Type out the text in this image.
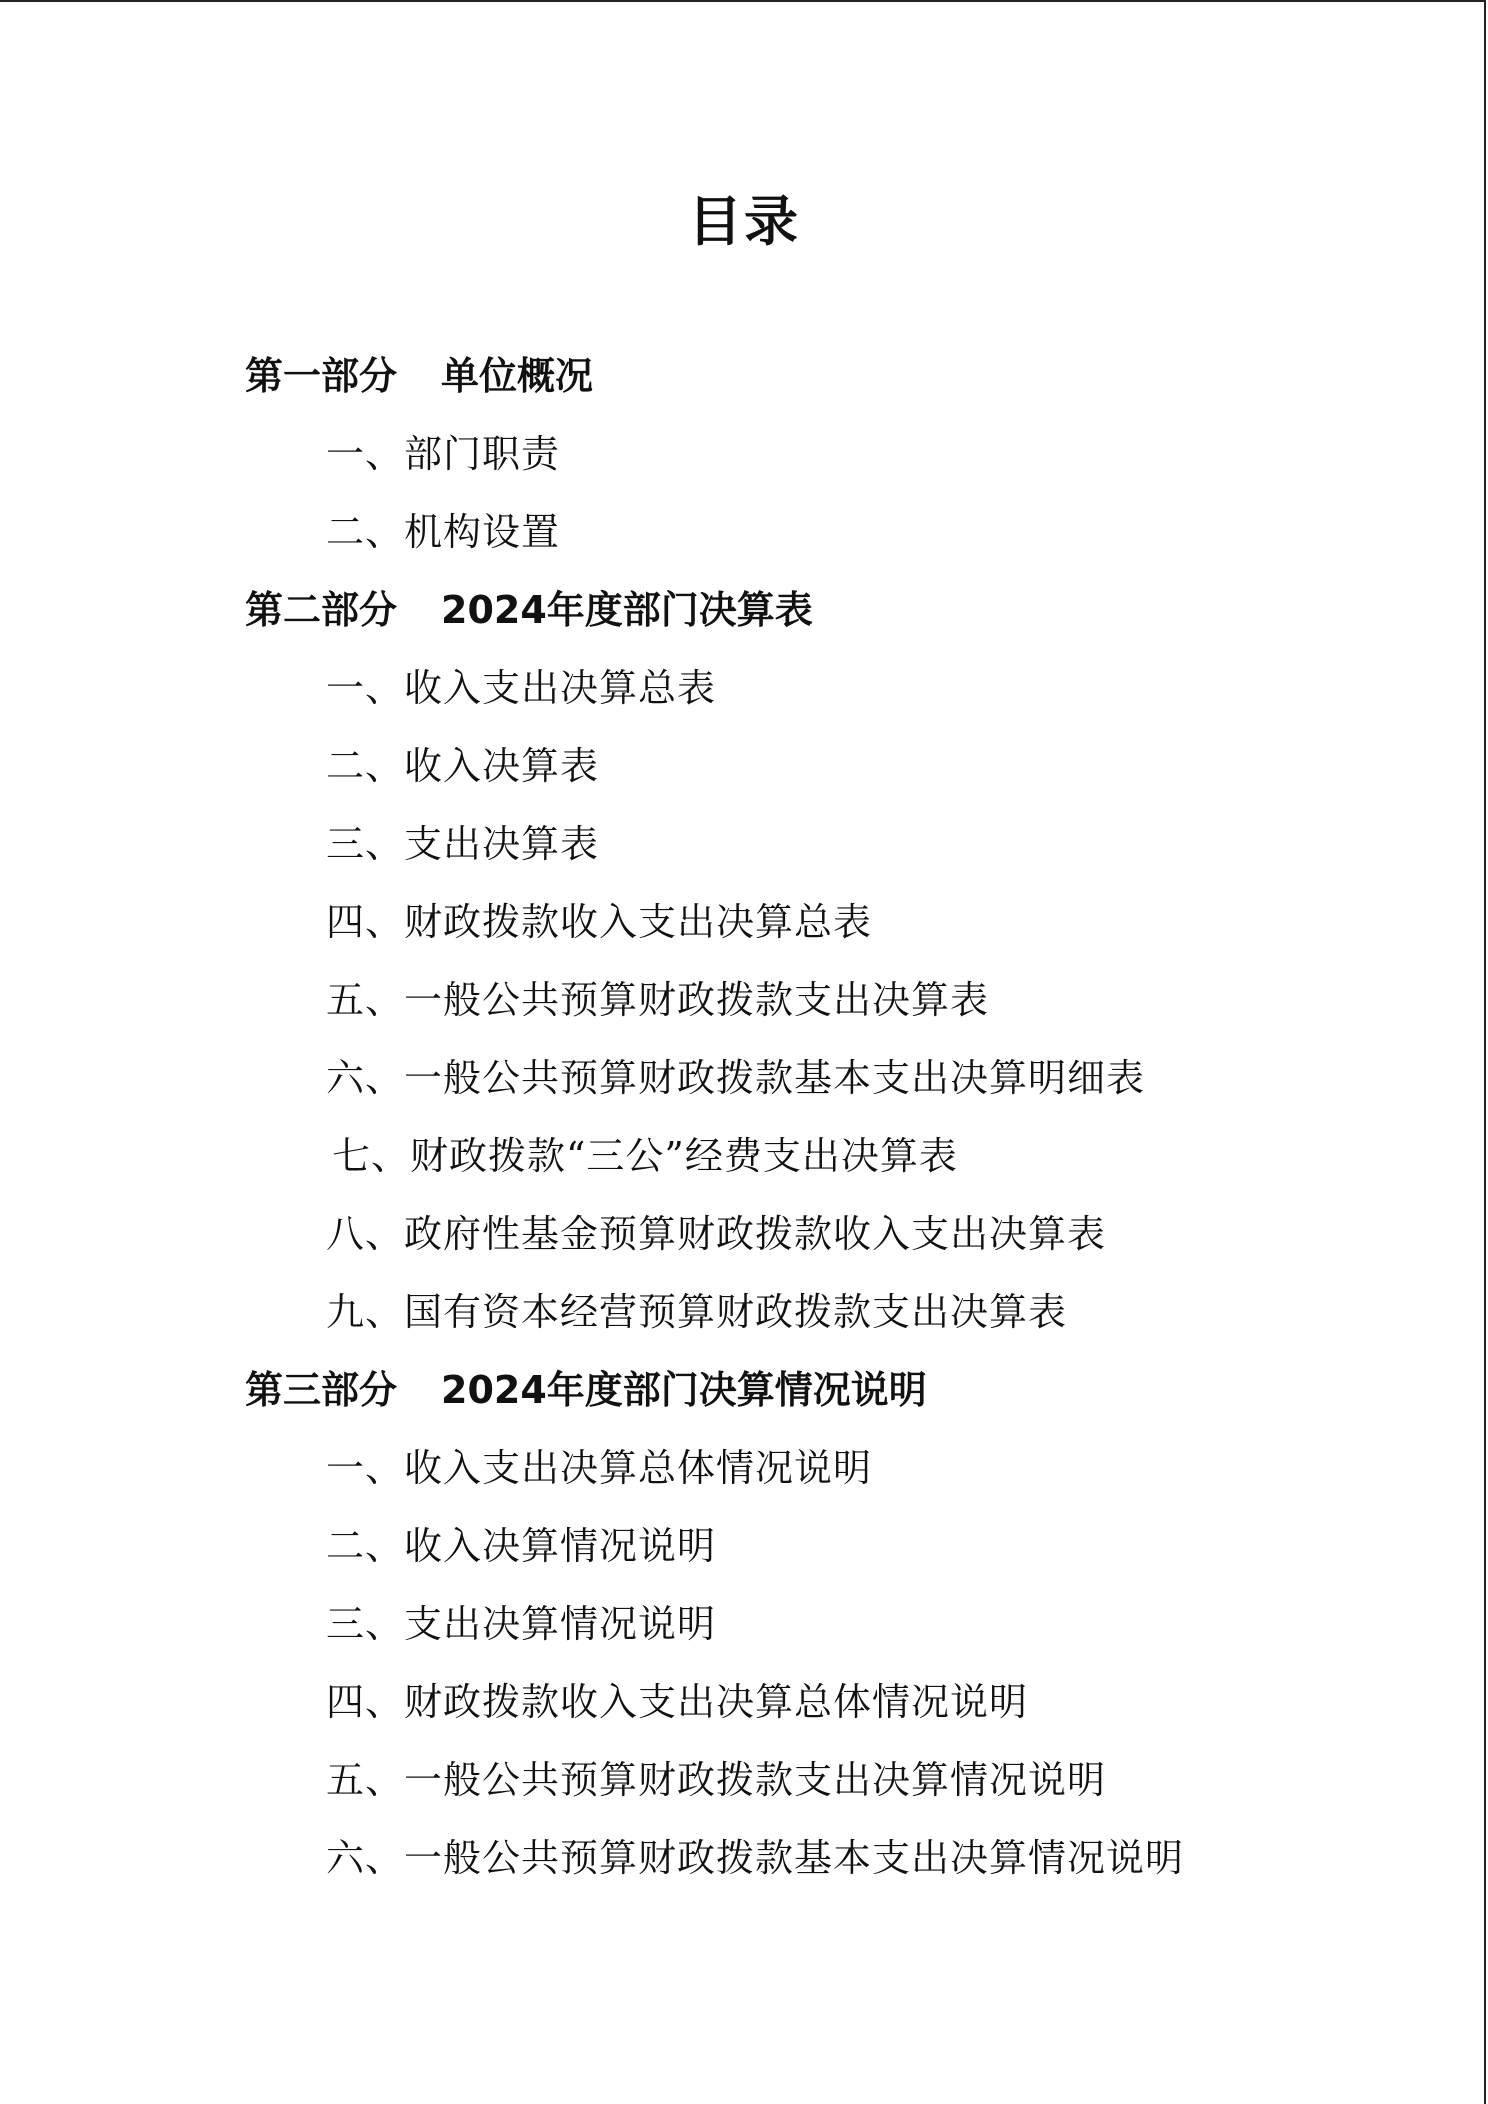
目录
第一部分 单位概况
一、部门职责
二、机构设置
第二部分 2024年度部门决算表
一、收入支出决算总表
二、收入决算表
三、支出决算表
四、财政拨款收入支出决算总表
五、一般公共预算财政拨款支出决算表
六、一般公共预算财政拨款基本支出决算明细表
七、财政拨款“三公”经费支出决算表
八、政府性基金预算财政拨款收入支出决算表
九、国有资本经营预算财政拨款支出决算表
第三部分 2024年度部门决算情况说明
一、收入支出决算总体情况说明
二、收入决算情况说明
三、支出决算情况说明
四、财政拨款收入支出决算总体情况说明
五、一般公共预算财政拨款支出决算情况说明
六、一般公共预算财政拨款基本支出决算情况说明
